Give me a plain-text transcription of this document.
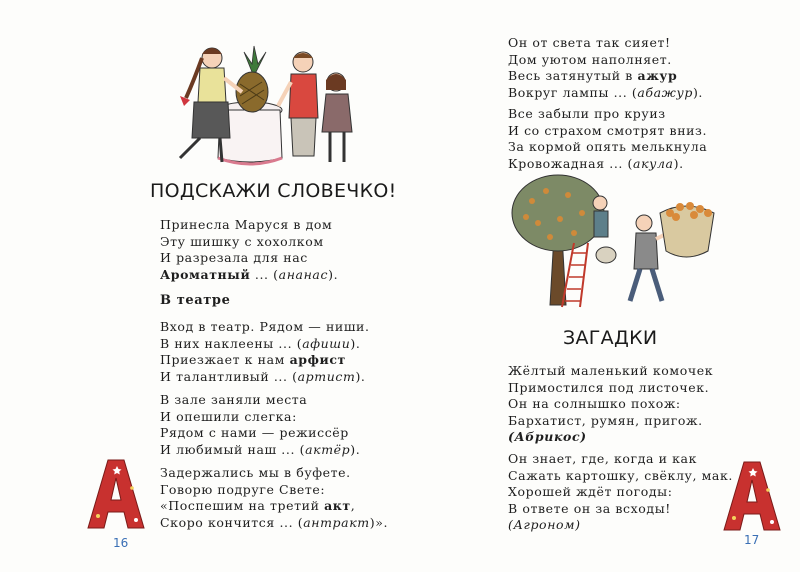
ПОДСКАЖИ СЛОВЕЧКО!
Принесла Маруся в дом
Эту шишку с хохолком
И разрезала для нас
Ароматный ... (ананас).
В театре
Вход в театр. Рядом — ниши.
В них наклеены ... (афиши).
Приезжает к нам арфист
И талантливый ... (артист).
В зале заняли места
И опешили слегка:
Рядом с нами — режиссёр
И любимый наш ... (актёр).
Задержались мы в буфете.
Говорю подруге Свете:
«Поспешим на третий акт,
Скоро кончится ... (антракт)».
16
Он от света так сияет!
Дом уютом наполняет.
Весь затянутый в ажур
Вокруг лампы ... (абажур).
Все забыли про круиз
И со страхом смотрят вниз.
За кормой опять мелькнула
Кровожадная ... (акула).
ЗАГАДКИ
Жёлтый маленький комочек
Примостился под листочек.
Он на солнышко похож:
Бархатист, румян, пригож.
(Абрикос)
Он знает, где, когда и как
Сажать картошку, свёклу, мак.
Хорошей ждёт погоды:
В ответе он за всходы!
(Агроном)
17
